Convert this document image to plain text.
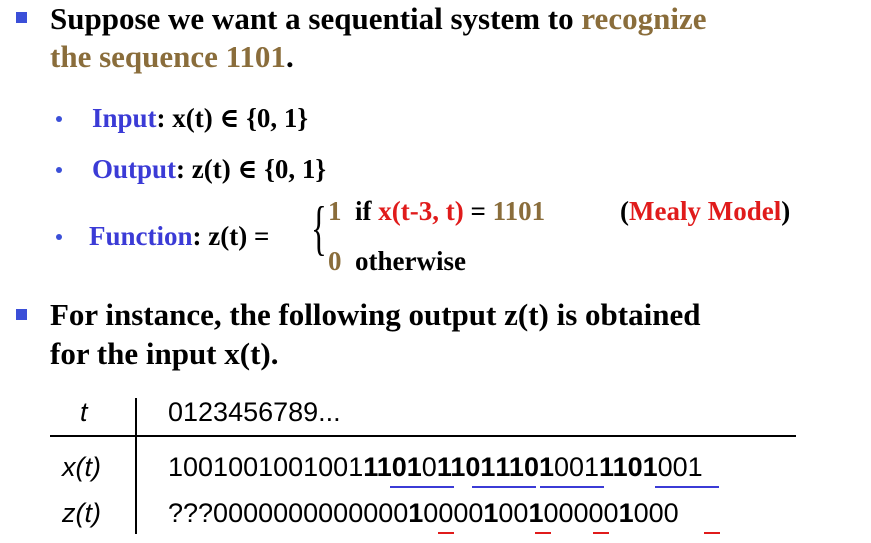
Suppose we want a sequential system to recognize
the sequence 1101.
Input: x(t) ∈ {0, 1}
Output: z(t) ∈ {0, 1}
Function: z(t) = { 1 if x(t-3, t) = 1101	(Mealy Model)
0 otherwise
For instance, the following output z(t) is obtained
for the input x(t).
t	0123456789...
x(t) 100100100100111010110111010011101001
z(t) ???0000000000000100001001000001000
